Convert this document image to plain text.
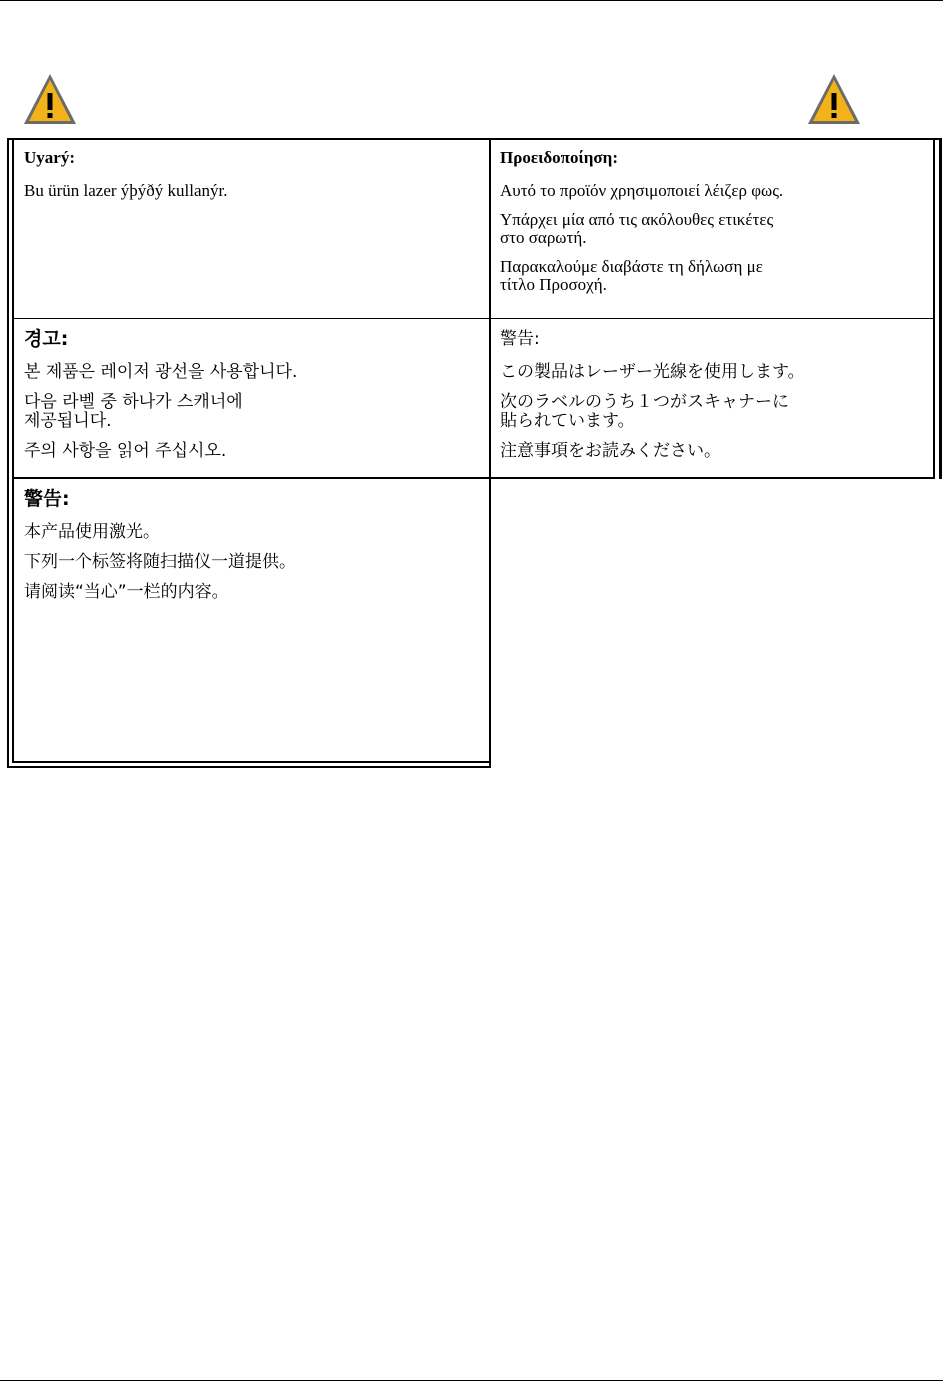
Uyarý:
Bu ürün lazer ýþýðý kullanýr.
Προειδοποίηση:
Αυτό το προϊόν χρησιμοποιεί λέιζερ φως.
Υπάρχει μία από τις ακόλουθες ετικέτες
στο σαρωτή.
Παρακαλούμε διαβάστε τη δήλωση με
τίτλο Προσοχή.
경고:
본 제품은 레이저 광선을 사용합니다.
다음 라벨 중 하나가 스캐너에
제공됩니다.
주의 사항을 읽어 주십시오.
警告:
この製品はレーザー光線を使用します。
次のラベルのうち１つがスキャナーに
貼られています。
注意事項をお読みください。
警告:
本产品使用激光。
下列一个标签将随扫描仪一道提供。
请阅读“当心”一栏的内容。
